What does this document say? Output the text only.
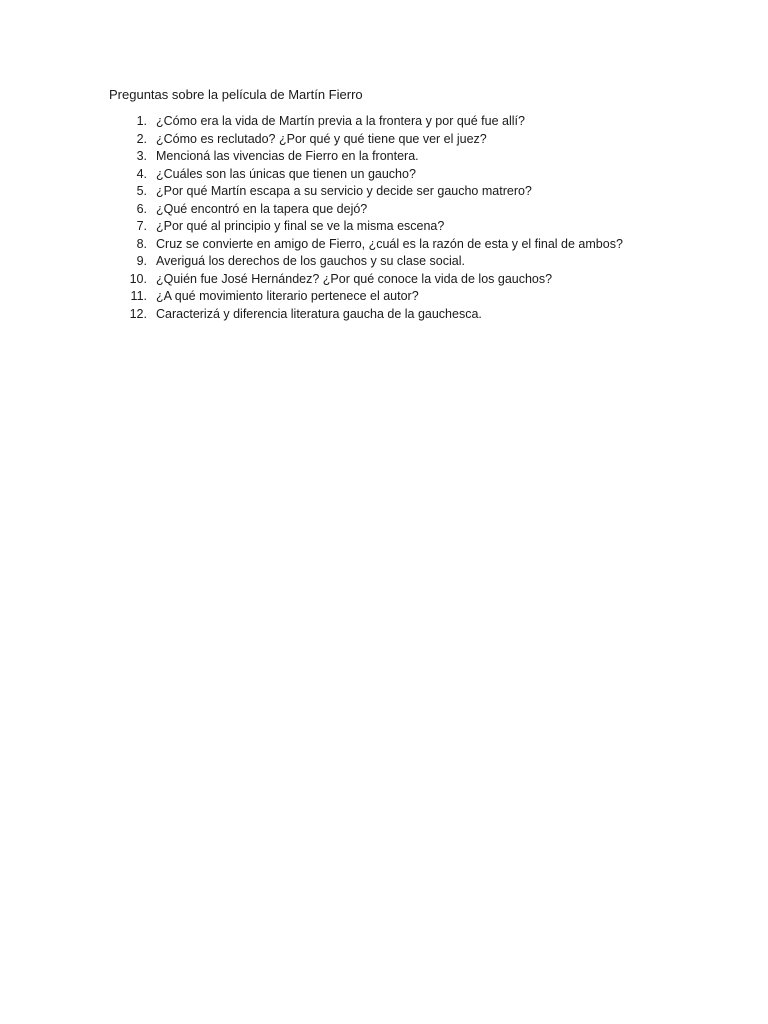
Preguntas sobre la película de Martín Fierro
1. ¿Cómo era la vida de Martín previa a la frontera y por qué fue allí?
2. ¿Cómo es reclutado? ¿Por qué y qué tiene que ver el juez?
3. Mencioná las vivencias de Fierro en la frontera.
4. ¿Cuáles son las únicas que tienen un gaucho?
5. ¿Por qué Martín escapa a su servicio y decide ser gaucho matrero?
6. ¿Qué encontró en la tapera que dejó?
7. ¿Por qué al principio y final se ve la misma escena?
8. Cruz se convierte en amigo de Fierro, ¿cuál es la razón de esta y el final de ambos?
9. Averiguá los derechos de los gauchos y su clase social.
10. ¿Quién fue José Hernández? ¿Por qué conoce la vida de los gauchos?
11. ¿A qué movimiento literario pertenece el autor?
12. Caracterizá y diferencia literatura gaucha de la gauchesca.
